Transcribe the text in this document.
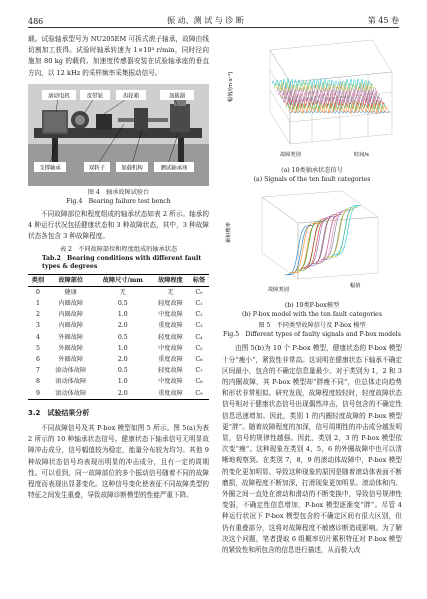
486	振 动、测 试 与 诊 断	第 45 卷

载。试验轴承型号为 NU205EM 可拆式滚子轴承，故障由线切割加工获得。试验时轴承转速为 1×10³ r/min，同时径向施加 80 kg 的载荷。加速度传感器安装在试验轴承座的垂直方向，以 12 kHz 的采样频率采集振动信号。

滚动电机	皮带轮	齿轮箱	加载器
支撑轴承	双转子	加载机构	测试轴承座
图 4　轴承故障试验台
Fig.4　Bearing failure test bench

不同故障部位和程度组成的轴承状态如表 2 所示。轴承的 4 种运行状况包括健康状态和 3 种故障状态，其中，3 种故障状态各包含 3 种故障程度。

表 2　不同故障部位和程度组成的轴承状态
Tab.2　Bearing conditions with different fault types & degrees
类别	故障部位	故障尺寸/mm	故障程度	标签
0	健康	无	无	C₀
1	内圈故障	0.5	轻度故障	C₁
2	内圈故障	1.0	中度故障	C₂
3	内圈故障	2.0	重度故障	C₃
4	外圈故障	0.5	轻度故障	C₄
5	外圈故障	1.0	中度故障	C₅
6	外圈故障	2.0	重度故障	C₆
7	滚动体故障	0.5	轻度故障	C₇
8	滚动体故障	1.0	中度故障	C₈
9	滚动体故障	2.0	重度故障	C₉
3.2　试验结果分析

不同故障信号及其 P-box 模型如图 5 所示。图 5(a)为表 2 所示的 10 种轴承状态信号。健康状态下轴承信号无明显故障冲击成分，信号幅值较为稳定，能量分布较为均匀。其他 9 种故障状态信号均表现出明显的冲击成分，且有一定的周期性。可以看到，同一故障部位的多个振动信号随着不同的故障程度而表现出显著变化。这种信号变化使表征不同故障类型的特征之间发生重叠，导致故障诊断模型的性能严重下降。

幅值/(m·s⁻²)
时间/s
故障类别
(a) 10类轴承状态信号
(a) Signals of the ten fault categories
累积概率
故障类别
幅值
(b) 10类P-box模型
(b) P-box model with the ten fault categories
图 5　不同类型故障信号及 P-box 模型
Fig.5　Different types of faulty signals and P-box models

由图 5(b)为 10 个 P-box 模型，健康状态的 P-box 模型十分“瘦小”，紧致性非常高。这说明在健康状态下轴承不确定区间最小，包含的不确定信息量最少。对于类别为 1，2 和 3 的内圈故障，其 P-box 模型却“胖瘦不同”，但总体走向趋势和形状非常相似。研究发现，故障程度较轻时，轻度故障状态信号相对于健康状态信号出现偶然冲击，信号包含的不确定性信息迅速增加。因此，类别 1 的内圈轻度故障的 P-box 模型更“胖”。随着故障程度的加深，信号周期性的冲击成分越发明显，信号的规律性越强。因此，类别 2，3 的 P-box 模型依次变“瘦”。这种现象在类别 4，5，6 的外圈故障中也可以清晰地观察到。在类别 7，8，9 的滚动体故障中，P-box 模型的变化更加明显。导致这种现象的原因是随着滚动体表面不断磨损，故障程度不断加深，打滑现象更加明显。滚动体和内、外圈之间一直处在滚动和滑动的不断变换中，导致信号规律性变弱，不确定性信息增加，P-box 模型逐渐变“胖”。尽管 4 种运行状况下 P-box 模型包含的不确定区间有很大区别，但仍有重叠部分，这将对故障程度不敏感诊断造成影响。为了解决这个问题，笔者提取 6 组概率切片累积特征对 P-box 模型的紧致性和所包含的信息进行描述，从而极大改
